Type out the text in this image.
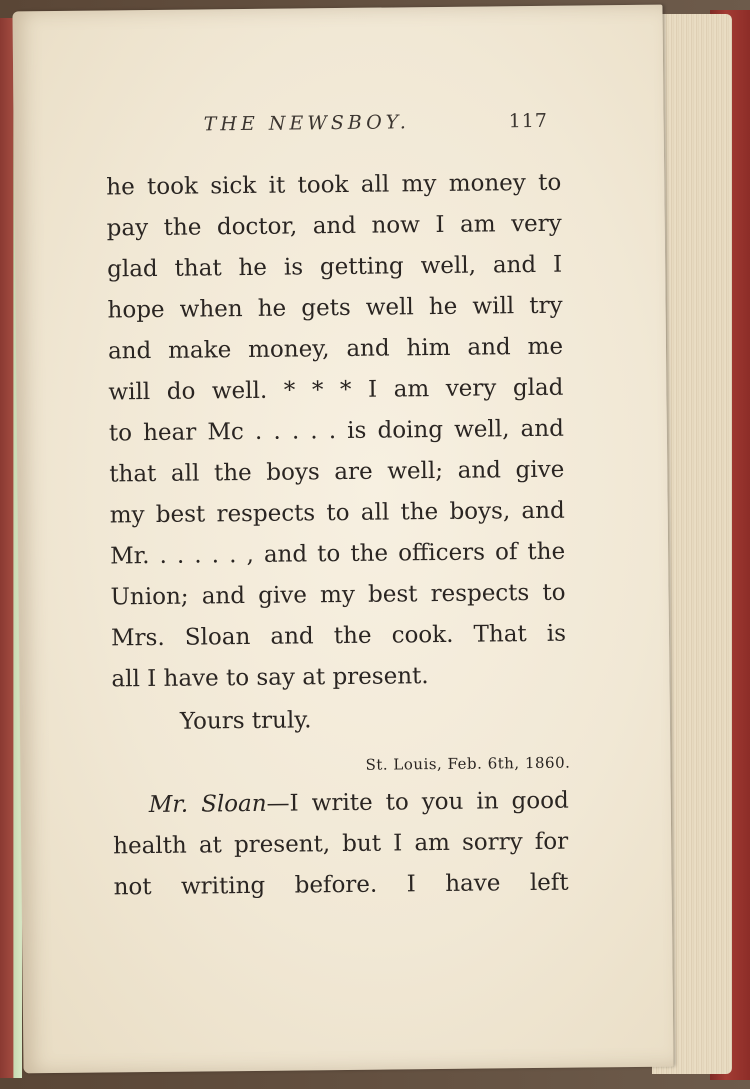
THE NEWSBOY.	117
he took sick it took all my money to
pay the doctor, and now I am very
glad that he is getting well, and I
hope when he gets well he will try
and make money, and him and me
will do well. * * * I am very glad
to hear Mc . . . . . is doing well, and
that all the boys are well; and give
my best respects to all the boys, and
Mr. . . . . . , and to the officers of the
Union; and give my best respects to
Mrs. Sloan and the cook. That is
all I have to say at present.
Yours truly.
St. Louis, Feb. 6th, 1860.
Mr. Sloan—I write to you in good
health at present, but I am sorry for
not writing before. I have left
